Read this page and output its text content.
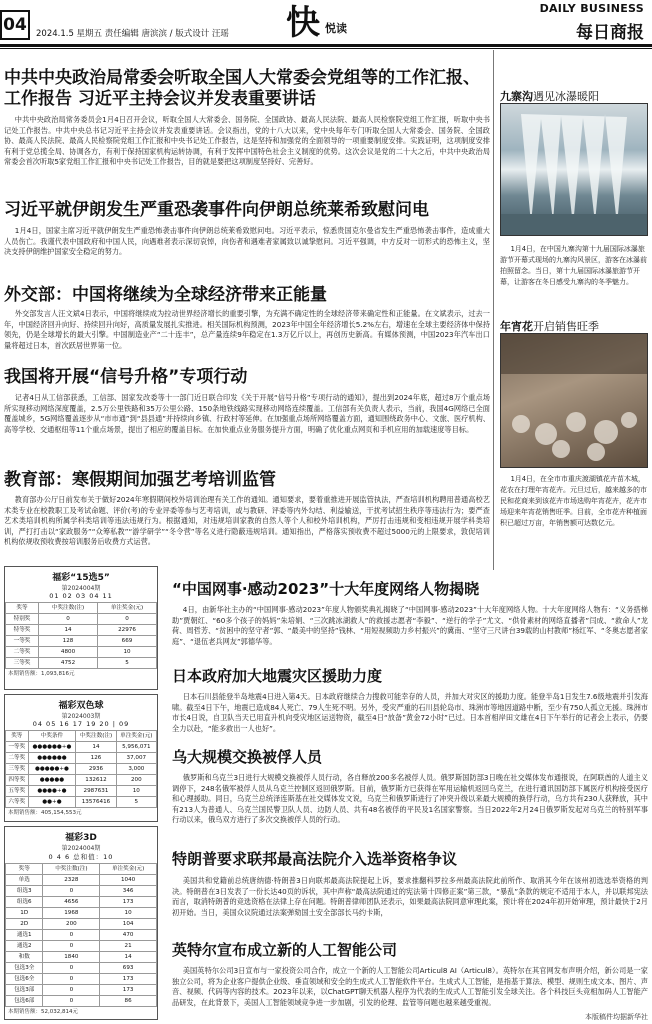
04	2024.1.5 星期五 责任编辑 唐滨滨 / 版式设计 汪瑶 快 悦读
DAILY BUSINESS
每日商报
中共中央政治局常委会听取全国人大常委会党组等的工作汇报、工作报告 习近平主持会议并发表重要讲话
中共中央政治局常务委员会1月4日召开会议，听取全国人大常委会、国务院、全国政协、最高人民法院、最高人民检察院党组工作汇报，听取中央书记处工作报告。中共中央总书记习近平主持会议并发表重要讲话。会议指出，党的十八大以来，党中央每年专门听取全国人大常委会、国务院、全国政协、最高人民法院、最高人民检察院党组工作汇报和中央书记处工作报告，这是坚持和加强党的全面领导的一项重要制度安排。实践证明，这项制度安排有利于党总揽全局、协调各方，有利于保持国家机构运转协调，有利于发挥中国特色社会主义制度的优势。这次会议是党的二十大之后，中共中央政治局常委会首次听取5家党组工作汇报和中央书记处工作报告，目的就是要把这项制度坚持好、完善好。
习近平就伊朗发生严重恐袭事件向伊朗总统莱希致慰问电
1月4日，国家主席习近平就伊朗发生严重恐怖袭击事件向伊朗总统莱希致慰问电。习近平表示，惊悉贵国克尔曼省发生严重恐怖袭击事件，造成重大人员伤亡。我谨代表中国政府和中国人民，向遇难者表示深切哀悼，向伤者和遇难者家属致以诚挚慰问。习近平强调，中方反对一切形式的恐怖主义，坚决支持伊朗维护国家安全稳定的努力。
外交部：中国将继续为全球经济带来正能量
外交部发言人汪文斌4日表示，中国将继续成为拉动世界经济增长的重要引擎，为充满不确定性的全球经济带来确定性和正能量。在文斌表示，过去一年，中国经济回升向好、持续回升向好，高质量发展扎实推进。相关国际机构预测，2023年中国全年经济增长5.2%左右，增速在全球主要经济体中保持领先，仍是全球增长的最大引擎。中国制造业产“二十连丰”，总产量连续9年稳定在1.3万亿斤以上，再创历史新高。有媒体预测，中国2023年汽车出口量将超过日本，首次跃居世界第一位。
我国将开展“信号升格”专项行动
记者4日从工信部获悉，工信部、国家发改委等十一部门近日联合印发《关于开展“信号升格”专项行动的通知》，提出到2024年底，超过8万个重点场所实现移动网络深度覆盖，2.5万公里铁路和35万公里公路、150条地铁线路实现移动网络连续覆盖。工信部有关负责人表示，当前，我国4G网络已全面覆盖城乡，5G网络覆盖逐步从“市市通”到“县县通”并持续向乡镇、行政村等延伸。在加强重点场所网络覆盖方面，通知围绕政务中心、文旅、医疗机构、高等学校、交通枢纽等11个重点场景，提出了相应的覆盖目标。在加快重点业务服务提升方面，明确了优化重点网页和手机应用的加载速度等目标。
教育部：寒假期间加强艺考培训监管
教育部办公厅日前发布关于做好2024年寒假期间校外培训治理有关工作的通知。通知要求，要着重推进开展监管执法，严查培训机构聘用普通高校艺术类专业在校教职工及考试命题、评价(考)的专业评委等参与艺考培训，或与教研、评委等内外勾结、利益输送，干扰考试招生秩序等违法行为；要严查艺术类培训机构所属学科类培训等违法违规行为。根据通知，对违规培训家教的自然人等个人和校外培训机构，严厉打击违规和变相违规开展学科类培训，严打打击以“家政服务”“众筹私教”“游学研学”“冬令营”等名义进行隐蔽违规培训。通知指出，严格落实预收费不超过5000元的上限要求，敦促培训机构依规收预收费按培训服务后收费方式运营。
九寨沟遇见冰瀑暖阳
1月4日，在中国九寨沟第十九届国际冰瀑旅游节开幕式现场的九寨沟风景区，游客在冰瀑前拍照留念。当日，第十九届国际冰瀑旅游节开幕，让游客在冬日感受九寨沟的冬季魅力。
年宵花开启销售旺季
1月4日，在全市市重庆渡湖镇花卉苗木城，花农在打理年宵花卉。元旦过后，越来越多的市民和花商来到该花卉市场选购年宵花卉，花卉市场迎来年宵花销售旺季。目前，全市花卉种植面积已超过万亩，年销售额可达数亿元。
福彩“15选5”
第2024004期
01 02 03 04 11
奖等	中奖注数(注)	单注奖金(元)
特别奖	0	0
特等奖	14	22976
一等奖	128	669
二等奖	4800	10
三等奖	4752	5
本期销售额：1,093,816元
福彩双色球
第2024003期
04 05 16 17 19 20 | 09
奖等	中奖条件	中奖注数(注)	单注奖金(元)
一等奖	●●●●●●+●	14	5,956,071
二等奖	●●●●●●	126	37,007
三等奖	●●●●●+●	2936	3,000
四等奖	●●●●●	132612	200
五等奖	●●●●+●	2987631	10
六等奖	●●+●	13576416	5
本期销售额：405,154,553元
福彩3D
第2024004期
0 4 6 总和值：10
奖等	中奖注数(注)	单注奖金(元)
单选	2328	1040
组选3	0	346
组选6	4656	173
1D	1968	10
2D	200	104
通选1	0	470
通选2	0	21
和数	1840	14
包选3全	0	693
包选6全	0	173
包选3部	0	173
包选6部	0	86
本期销售额：52,032,814元
“中国网事·感动2023”十大年度网络人物揭晓
4日，由新华社主办的“中国网事·感动2023”年度人物颁奖典礼揭晓了“中国网事·感动2023”十大年度网络人物。十大年度网络人物有：“义务搭梯助”贾朝红、“60多个孩子的妈妈”朱培娟、“三次跳冰湖救人”的救援志愿者“李毅”、“逆行的学子”尤文、“供骨素材的网络直播者”闫成、“救命人”龙荷、周哲芳、“贫困中的坚守者”郭、“最美中的坚持”钱林、“用短视频助力乡村振兴”的冀南、“坚守三尺讲台39载的山村教师”杨红军、“冬奥志愿者家庭”、“退伍老兵网友”郭德华等。
日本政府加大地震灾区援助力度
日本石川县能登半岛地震4日进入第4天。日本政府继续合力搜救可能幸存的人员，并加大对灾区的援助力度。能登半岛1日发生7.6级地震并引发海啸。截至4日下午，地震已造成84人死亡、79人生死不明。另外，受灾严重的石川县轮岛市、珠洲市等地因道路中断，至少有750人孤立无援。珠洲市市长4日说，自卫队当天已用直升机向受灾地区运送物资，截至4日“放备”黄金72小时”已过。日本首相岸田文雄在4日下午举行的记者会上表示，仍要全力以赴，“能多救出一人也好”。
乌大规模交换被俘人员
俄罗斯和乌克兰3日进行大规模交换被俘人员行动，各自释放200多名被俘人员。俄罗斯国防部3日晚在社交媒体发布通报说，在阿联酋的人道主义调停下，248名俄军被俘人员从乌克兰控制区返回俄罗斯。目前，俄罗斯方已获得在军用运输机返回乌克兰，在进行通讯国防部下属医疗机构接受医疗和心理援助。同日，乌克兰总统泽连斯基在社交媒体发文说，乌克兰和俄罗斯进行了冲突升级以来最大规模的换俘行动，乌方共有230人获释放，其中有213人为普通人、乌克兰国民警卫队人员、边防人员、共有48名被俘的平民及1名国家警察。当日2022年2月24日俄罗斯发起对乌克兰的特别军事行动以来，俄乌双方进行了多次交换被俘人员的行动。
特朗普要求联邦最高法院介入选举资格争议
美国共和党籍前总统唐纳德·特朗普3日向联邦最高法院提起上诉，要求推翻科罗拉多州最高法院此前所作、取消其今年在该州初选选举资格的判决。特朗普在3日发表了一份长达40页的诉状，其中声称“最高法院通过的宪法第十四修正案”第三款，“暴乱”条款的规定不适用于本人，并以联邦宪法而言，取消特朗普的竞选资格在法律上存在问题。特朗普律师团队还表示，如果最高法院同意审理此案，预计将在2024年初开始审理，预计最快于2月初开始。当日，美国众议院通过法案弹劾国土安全部部长马约卡斯，
英特尔宣布成立新的人工智能公司
美国英特尔公司3日宣布与一家投资公司合作，成立一个新的人工智能公司Articul8 AI（Articul8）。英特尔在其官网发布声明介绍，新公司是一家独立公司，将为企业客户提供企业级、垂直领域和安全的生成式人工智能软件平台。生成式人工智能，是指基于算法、模型、规则生成文本、图片、声音、视频、代码等内容的技术。2023年以来，以ChatGPT聊天机器人程序为代表的生成式人工智能引发全球关注。各个科技巨头竞相加码人工智能产品研发，在此背景下，美国人工智能领域竞争进一步加剧，引发的伦理、监管等问题也越来越受重视。
本版稿件均据新华社
